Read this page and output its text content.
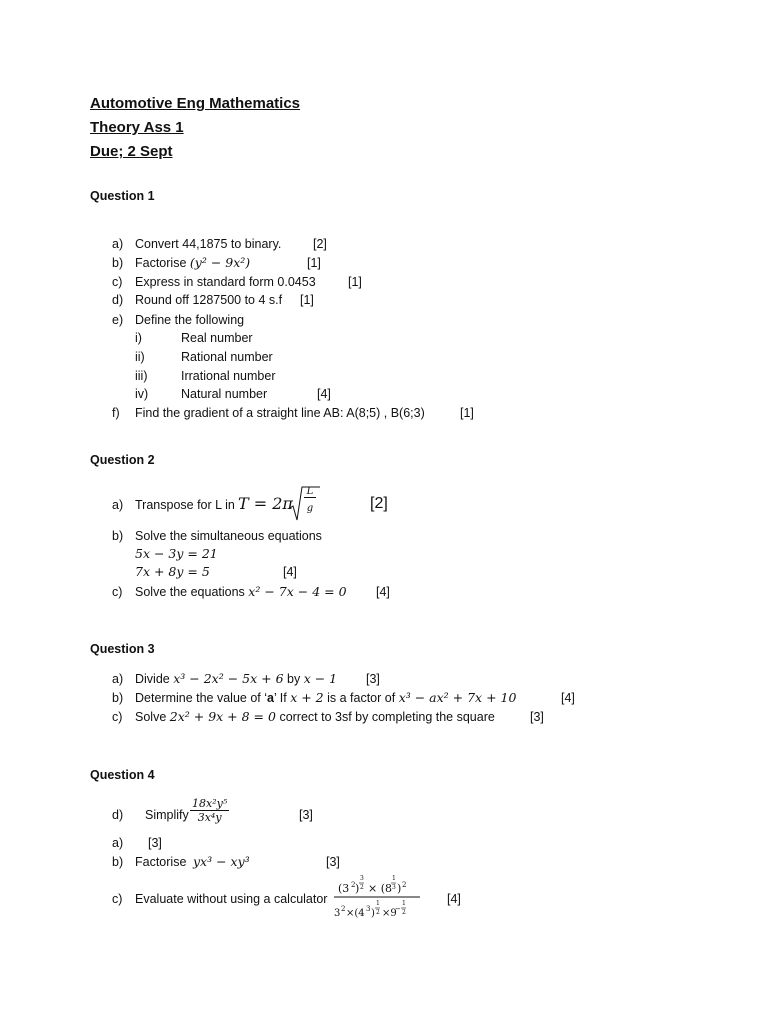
Automotive Eng Mathematics
Theory Ass 1
Due; 2 Sept
Question 1
a) Convert 44,1875 to binary.	[2]
b) Factorise (y² − 9x²)	[1]
c) Express in standard form 0.0453	[1]
d) Round off 1287500 to 4 s.f [1]
e) Define the following
i)	Real number
ii)	Rational number
iii)	Irrational number
iv)	Natural number	[4]
f) Find the gradient of a straight line AB: A(8;5) , B(6;3)	[1]
Question 2
a) Transpose for L in T = 2π
L
g	[2]
b) Solve the simultaneous equations
5x − 3y = 21
7x + 8y = 5	[4]
c) Solve the equations x² − 7x − 4 = 0 [4]
Question 3
a) Divide x³ − 2x² − 5x + 6 by x − 1 [3]
b) Determine the value of ‘a’ If x + 2 is a factor of x³ − ax² + 7x + 10	[4]
c) Solve 2x² + 9x + 8 = 0 correct to 3sf by completing the square	[3]
Question 4
d) Simplify	[3]
$\frac{\text{18x²y⁵}}{\text{3x⁴y}}$
a) [3]
b) Factorise yx³ − xy³	[3]
c) Evaluate without using a calculator	[4]
(3 2 )
3
2 × (8
1
3 ) 2
3 2 ×(4 3 )
1
2 ×9
−
1
2
